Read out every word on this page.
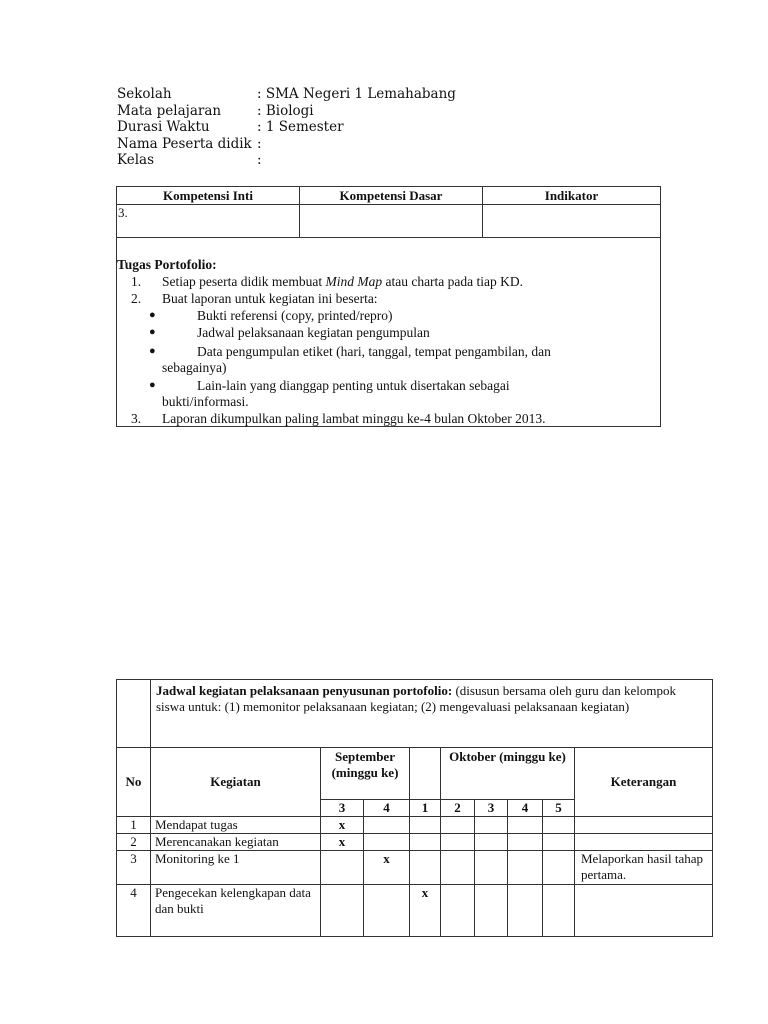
Sekolah	: SMA Negeri 1 Lemahabang
Mata pelajaran	: Biologi
Durasi Waktu	: 1 Semester
Nama Peserta didik :
Kelas	:
Kompetensi Inti	Kompetensi Dasar	Indikator
3.		
Tugas Portofolio:
1. Setiap peserta didik membuat Mind Map atau charta pada tiap KD.
2. Buat laporan untuk kegiatan ini beserta:
●	Bukti referensi (copy, printed/repro)
●	Jadwal pelaksanaan kegiatan pengumpulan
●	Data pengumpulan etiket (hari, tanggal, tempat pengambilan, dan
sebagainya)
●	Lain-lain yang dianggap penting untuk disertakan sebagai
bukti/informasi.
3. Laporan dikumpulkan paling lambat minggu ke-4 bulan Oktober 2013.
	Jadwal kegiatan pelaksanaan penyusunan portofolio: (disusun bersama oleh guru dan kelompok siswa untuk: (1) memonitor pelaksanaan kegiatan; (2) mengevaluasi pelaksanaan kegiatan)								
No	Kegiatan	September (minggu ke)			Oktober (minggu ke)				Keterangan
		3	4	1	2	3	4	5	
1	Mendapat tugas	x							
2	Merencanakan kegiatan	x							
3	Monitoring ke 1		x						Melaporkan hasil tahap pertama.
4	Pengecekan kelengkapan data dan bukti			x					
